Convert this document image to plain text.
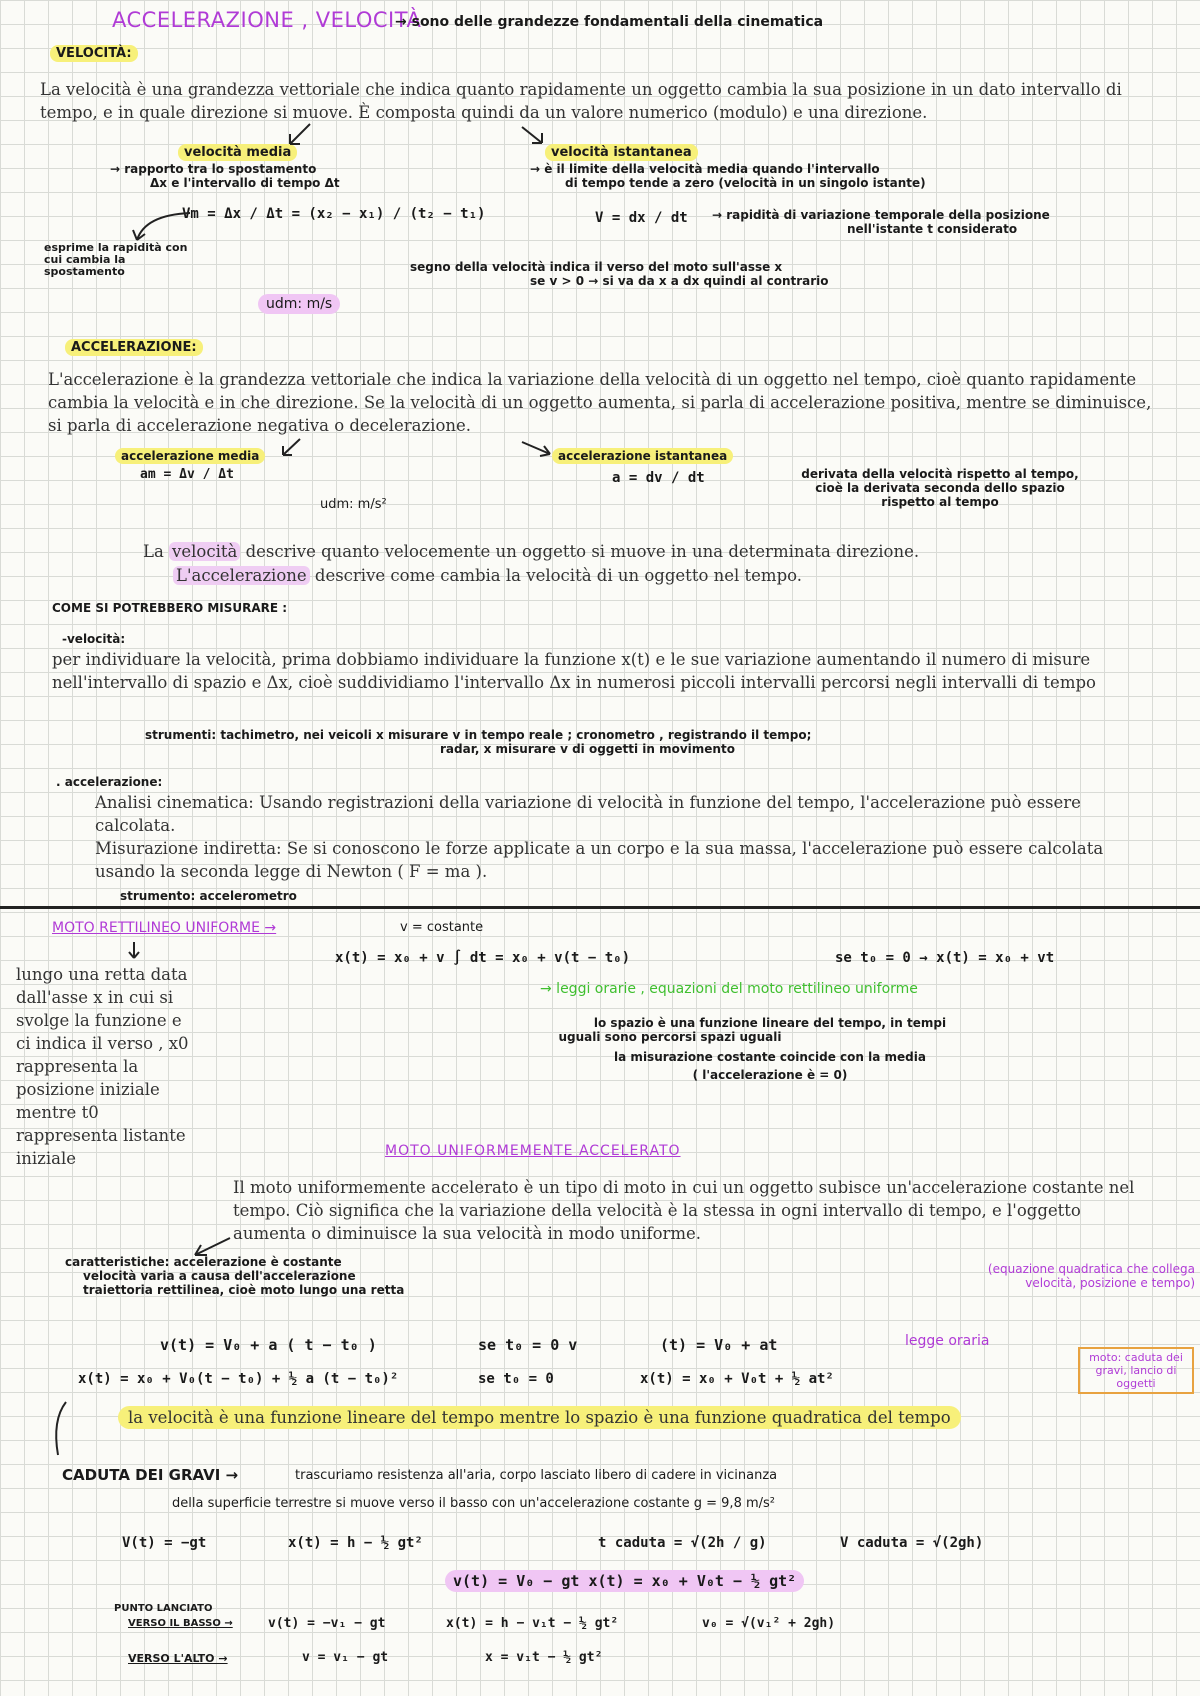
ACCELERAZIONE , VELOCITÀ
→ sono delle grandezze fondamentali della cinematica
VELOCITÀ:
La velocità è una grandezza vettoriale che indica quanto rapidamente un oggetto cambia la sua posizione in un dato intervallo di tempo, e in quale direzione si muove. È composta quindi da un valore numerico (modulo) e una direzione.
velocità media
→ rapporto tra lo spostamento
Δx e l'intervallo di tempo Δt
Vm = Δx / Δt = (x₂ − x₁) / (t₂ − t₁)
esprime la rapidità con cui cambia la spostamento
udm: m/s
velocità istantanea
→ è il limite della velocità media quando l'intervallo
di tempo tende a zero (velocità in un singolo istante)
V = dx / dt → rapidità di variazione temporale della posizione
nell'istante t considerato
segno della velocità indica il verso del moto sull'asse x
se v > 0 → si va da x a dx quindi al contrario
ACCELERAZIONE:
L'accelerazione è la grandezza vettoriale che indica la variazione della velocità di un oggetto nel tempo, cioè quanto rapidamente cambia la velocità e in che direzione. Se la velocità di un oggetto aumenta, si parla di accelerazione positiva, mentre se diminuisce, si parla di accelerazione negativa o decelerazione.
accelerazione media
am = Δv / Δt
udm: m/s²
accelerazione istantanea
a = dv / dt	derivata della velocità rispetto al tempo,
cioè la derivata seconda dello spazio
rispetto al tempo
La velocità descrive quanto velocemente un oggetto si muove in una determinata direzione.
L'accelerazione descrive come cambia la velocità di un oggetto nel tempo.
COME SI POTREBBERO MISURARE :
-velocità:
per individuare la velocità, prima dobbiamo individuare la funzione x(t) e le sue variazione aumentando il numero di misure nell'intervallo di spazio e Δx, cioè suddividiamo l'intervallo Δx in numerosi piccoli intervalli percorsi negli intervalli di tempo
strumenti: tachimetro, nei veicoli x misurare v in tempo reale ; cronometro , registrando il tempo;
radar, x misurare v di oggetti in movimento
. accelerazione:
Analisi cinematica: Usando registrazioni della variazione di velocità in funzione del tempo, l'accelerazione può essere calcolata.
Misurazione indiretta: Se si conoscono le forze applicate a un corpo e la sua massa, l'accelerazione può essere calcolata usando la seconda legge di Newton ( F = ma ).
strumento: accelerometro
MOTO RETTILINEO UNIFORME →	v = costante
lungo una retta data dall'asse x in cui si svolge la funzione e ci indica il verso , x0 rappresenta la posizione iniziale mentre t0 rappresenta listante iniziale
x(t) = x₀ + v ∫ dt = x₀ + v(t − t₀)	se t₀ = 0 → x(t) = x₀ + vt
→ leggi orarie , equazioni del moto rettilineo uniforme
lo spazio è una funzione lineare del tempo, in tempi
uguali sono percorsi spazi uguali
la misurazione costante coincide con la media
( l'accelerazione è = 0)
MOTO UNIFORMEMENTE ACCELERATO
Il moto uniformemente accelerato è un tipo di moto in cui un oggetto subisce un'accelerazione costante nel tempo. Ciò significa che la variazione della velocità è la stessa in ogni intervallo di tempo, e l'oggetto aumenta o diminuisce la sua velocità in modo uniforme.
caratteristiche: accelerazione è costante
velocità varia a causa dell'accelerazione
traiettoria rettilinea, cioè moto lungo una retta
(equazione quadratica che collega velocità, posizione e tempo)
v(t) = V₀ + a ( t − t₀ )	se t₀ = 0 v	(t) = V₀ + at	legge oraria
x(t) = x₀ + V₀(t − t₀) + ½ a (t − t₀)²	se t₀ = 0	x(t) = x₀ + V₀t + ½ at²
moto: caduta dei gravi, lancio di oggetti
la velocità è una funzione lineare del tempo mentre lo spazio è una funzione quadratica del tempo
CADUTA DEI GRAVI →	trascuriamo resistenza all'aria, corpo lasciato libero di cadere in vicinanza
della superficie terrestre si muove verso il basso con un'accelerazione costante g = 9,8 m/s²
V(t) = −gt	x(t) = h − ½ gt²	t caduta = √(2h / g)	V caduta = √(2gh)
v(t) = V₀ − gt x(t) = x₀ + V₀t − ½ gt²
PUNTO LANCIATO
VERSO IL BASSO →	v(t) = −v₁ − gt	x(t) = h − v₁t − ½ gt²	v₀ = √(v₁² + 2gh)
VERSO L'ALTO →	v = v₁ − gt	x = v₁t − ½ gt²
